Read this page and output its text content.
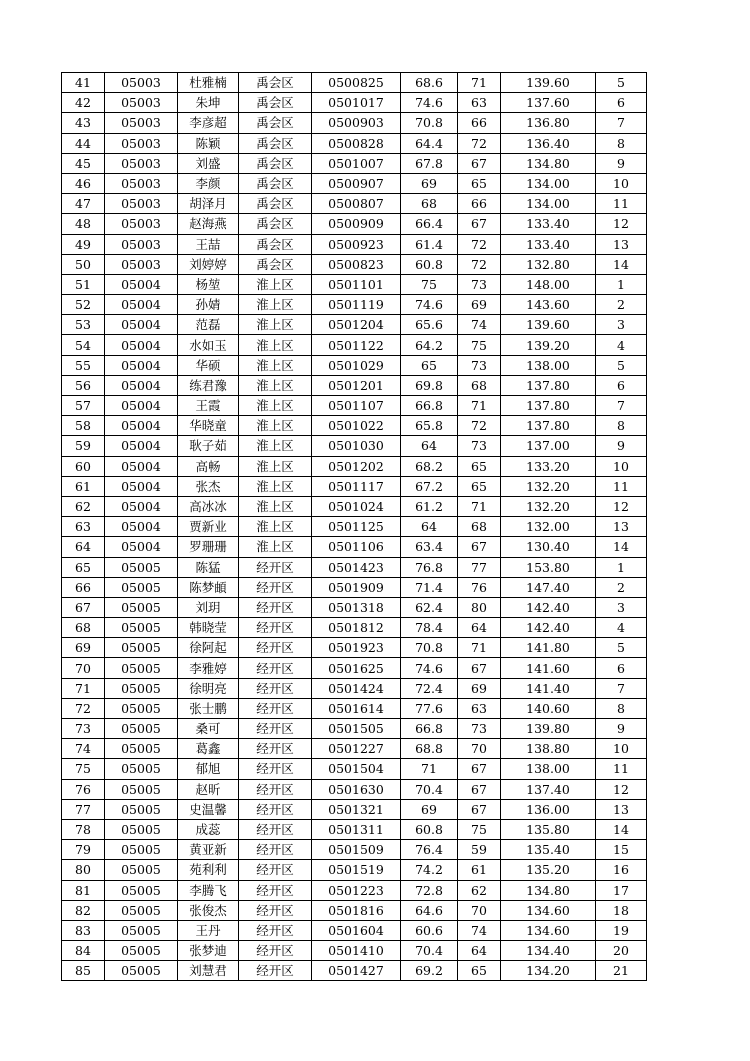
41	05003	杜雅楠	禹会区	0500825	68.6	71	139.60	5
42	05003	朱坤	禹会区	0501017	74.6	63	137.60	6
43	05003	李彦超	禹会区	0500903	70.8	66	136.80	7
44	05003	陈颖	禹会区	0500828	64.4	72	136.40	8
45	05003	刘盛	禹会区	0501007	67.8	67	134.80	9
46	05003	李颜	禹会区	0500907	69	65	134.00	10
47	05003	胡泽月	禹会区	0500807	68	66	134.00	11
48	05003	赵海燕	禹会区	0500909	66.4	67	133.40	12
49	05003	王喆	禹会区	0500923	61.4	72	133.40	13
50	05003	刘婷婷	禹会区	0500823	60.8	72	132.80	14
51	05004	杨堃	淮上区	0501101	75	73	148.00	1
52	05004	孙婧	淮上区	0501119	74.6	69	143.60	2
53	05004	范磊	淮上区	0501204	65.6	74	139.60	3
54	05004	水如玉	淮上区	0501122	64.2	75	139.20	4
55	05004	华硕	淮上区	0501029	65	73	138.00	5
56	05004	练君豫	淮上区	0501201	69.8	68	137.80	6
57	05004	王霞	淮上区	0501107	66.8	71	137.80	7
58	05004	华晓童	淮上区	0501022	65.8	72	137.80	8
59	05004	耿子茹	淮上区	0501030	64	73	137.00	9
60	05004	高畅	淮上区	0501202	68.2	65	133.20	10
61	05004	张杰	淮上区	0501117	67.2	65	132.20	11
62	05004	高冰冰	淮上区	0501024	61.2	71	132.20	12
63	05004	贾新业	淮上区	0501125	64	68	132.00	13
64	05004	罗珊珊	淮上区	0501106	63.4	67	130.40	14
65	05005	陈猛	经开区	0501423	76.8	77	153.80	1
66	05005	陈梦頔	经开区	0501909	71.4	76	147.40	2
67	05005	刘玥	经开区	0501318	62.4	80	142.40	3
68	05005	韩晓莹	经开区	0501812	78.4	64	142.40	4
69	05005	徐阿起	经开区	0501923	70.8	71	141.80	5
70	05005	李雅婷	经开区	0501625	74.6	67	141.60	6
71	05005	徐明亮	经开区	0501424	72.4	69	141.40	7
72	05005	张士鹏	经开区	0501614	77.6	63	140.60	8
73	05005	桑可	经开区	0501505	66.8	73	139.80	9
74	05005	葛鑫	经开区	0501227	68.8	70	138.80	10
75	05005	郁旭	经开区	0501504	71	67	138.00	11
76	05005	赵昕	经开区	0501630	70.4	67	137.40	12
77	05005	史温馨	经开区	0501321	69	67	136.00	13
78	05005	成蕊	经开区	0501311	60.8	75	135.80	14
79	05005	黄亚新	经开区	0501509	76.4	59	135.40	15
80	05005	苑利利	经开区	0501519	74.2	61	135.20	16
81	05005	李腾飞	经开区	0501223	72.8	62	134.80	17
82	05005	张俊杰	经开区	0501816	64.6	70	134.60	18
83	05005	王丹	经开区	0501604	60.6	74	134.60	19
84	05005	张梦迪	经开区	0501410	70.4	64	134.40	20
85	05005	刘慧君	经开区	0501427	69.2	65	134.20	21
